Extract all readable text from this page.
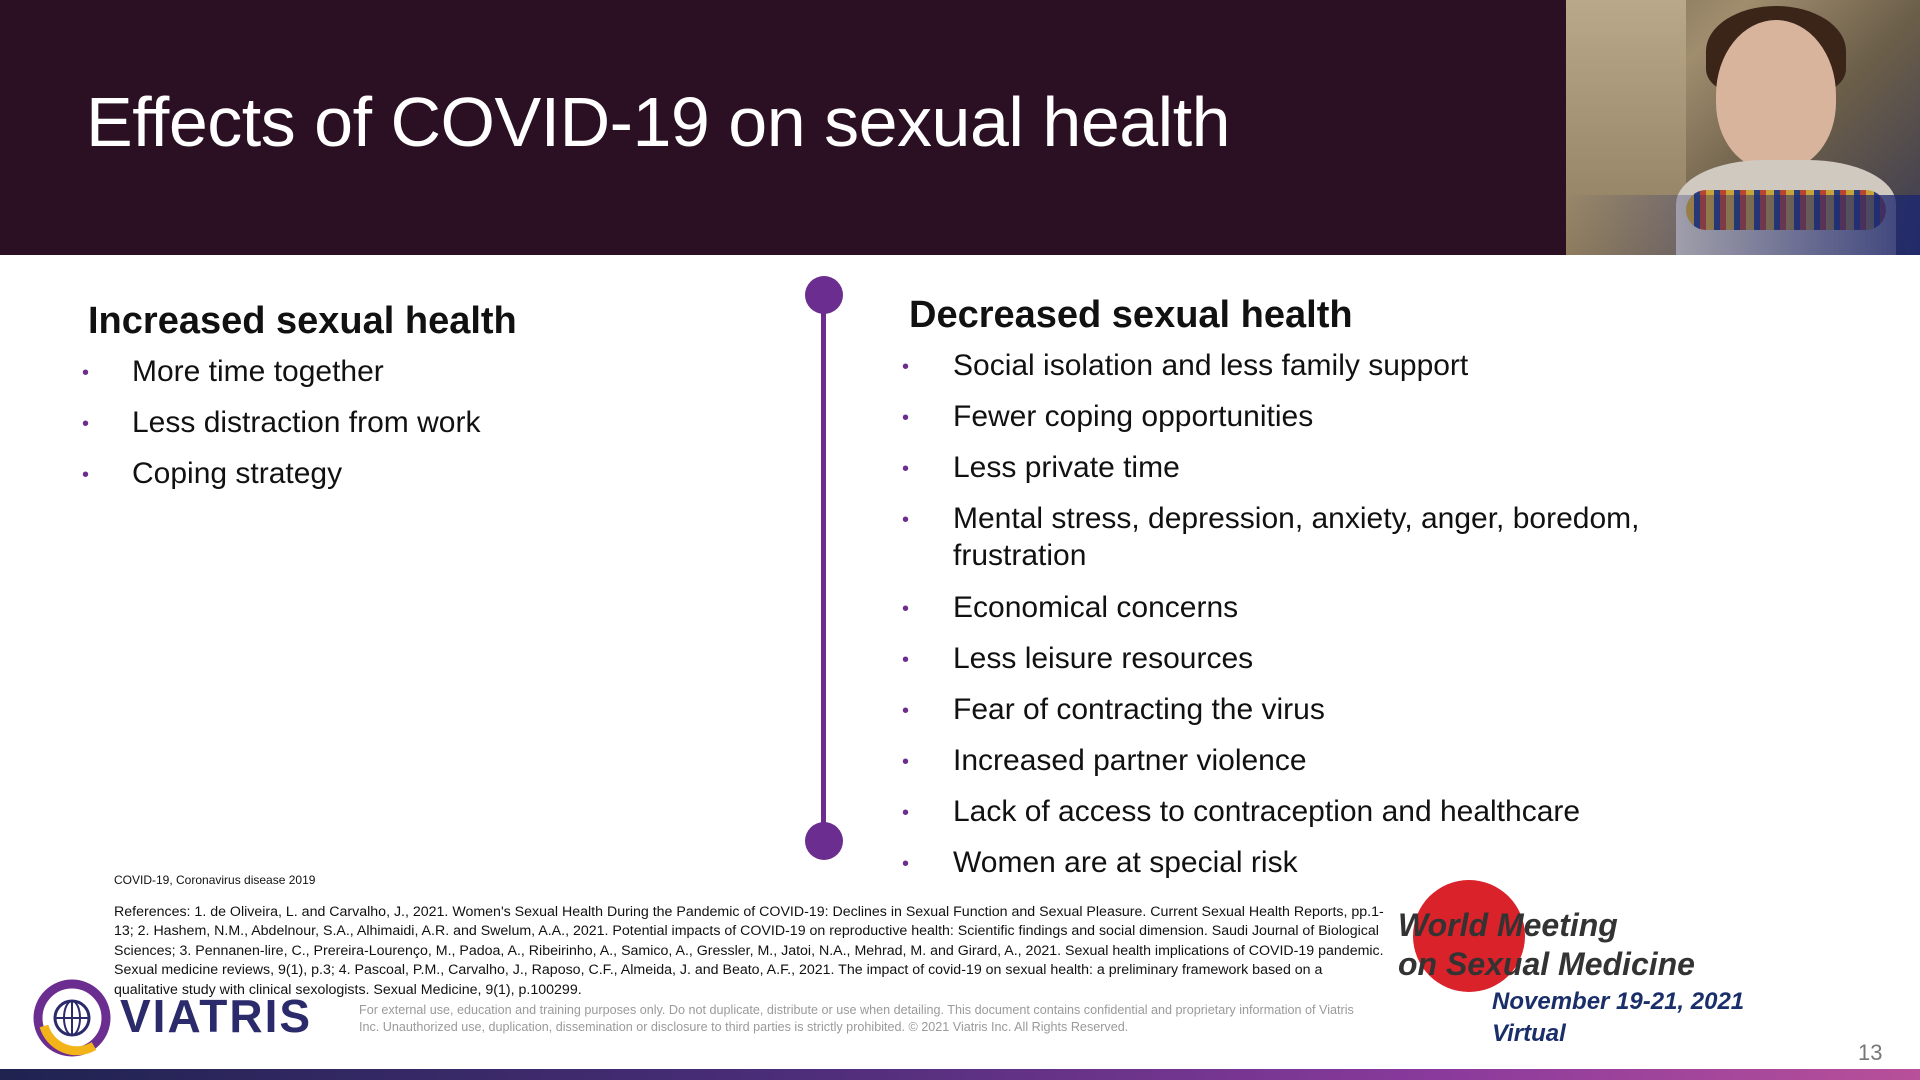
Effects of COVID-19 on sexual health
Increased sexual health
• More time together
• Less distraction from work
• Coping strategy
Decreased sexual health
• Social isolation and less family support
• Fewer coping opportunities
• Less private time
• Mental stress, depression, anxiety, anger, boredom, frustration
• Economical concerns
• Less leisure resources
• Fear of contracting the virus
• Increased partner violence
• Lack of access to contraception and healthcare
• Women are at special risk
COVID-19, Coronavirus disease 2019
References: 1. de Oliveira, L. and Carvalho, J., 2021. Women's Sexual Health During the Pandemic of COVID-19: Declines in Sexual Function and Sexual Pleasure. Current Sexual Health Reports, pp.1-13; 2. Hashem, N.M., Abdelnour, S.A., Alhimaidi, A.R. and Swelum, A.A., 2021. Potential impacts of COVID-19 on reproductive health: Scientific findings and social dimension. Saudi Journal of Biological Sciences; 3. Pennanen-lire, C., Prereira-Lourenço, M., Padoa, A., Ribeirinho, A., Samico, A., Gressler, M., Jatoi, N.A., Mehrad, M. and Girard, A., 2021. Sexual health implications of COVID-19 pandemic. Sexual medicine reviews, 9(1), p.3; 4. Pascoal, P.M., Carvalho, J., Raposo, C.F., Almeida, J. and Beato, A.F., 2021. The impact of covid-19 on sexual health: a preliminary framework based on a qualitative study with clinical sexologists. Sexual Medicine, 9(1), p.100299.
VIATRIS	For external use, education and training purposes only. Do not duplicate, distribute or use when detailing. This document contains confidential and proprietary information of Viatris Inc. Unauthorized use, duplication, dissemination or disclosure to third parties is strictly prohibited. © 2021 Viatris Inc. All Rights Reserved.
World Meeting
on Sexual Medicine
November 19-21, 2021
Virtual
13
